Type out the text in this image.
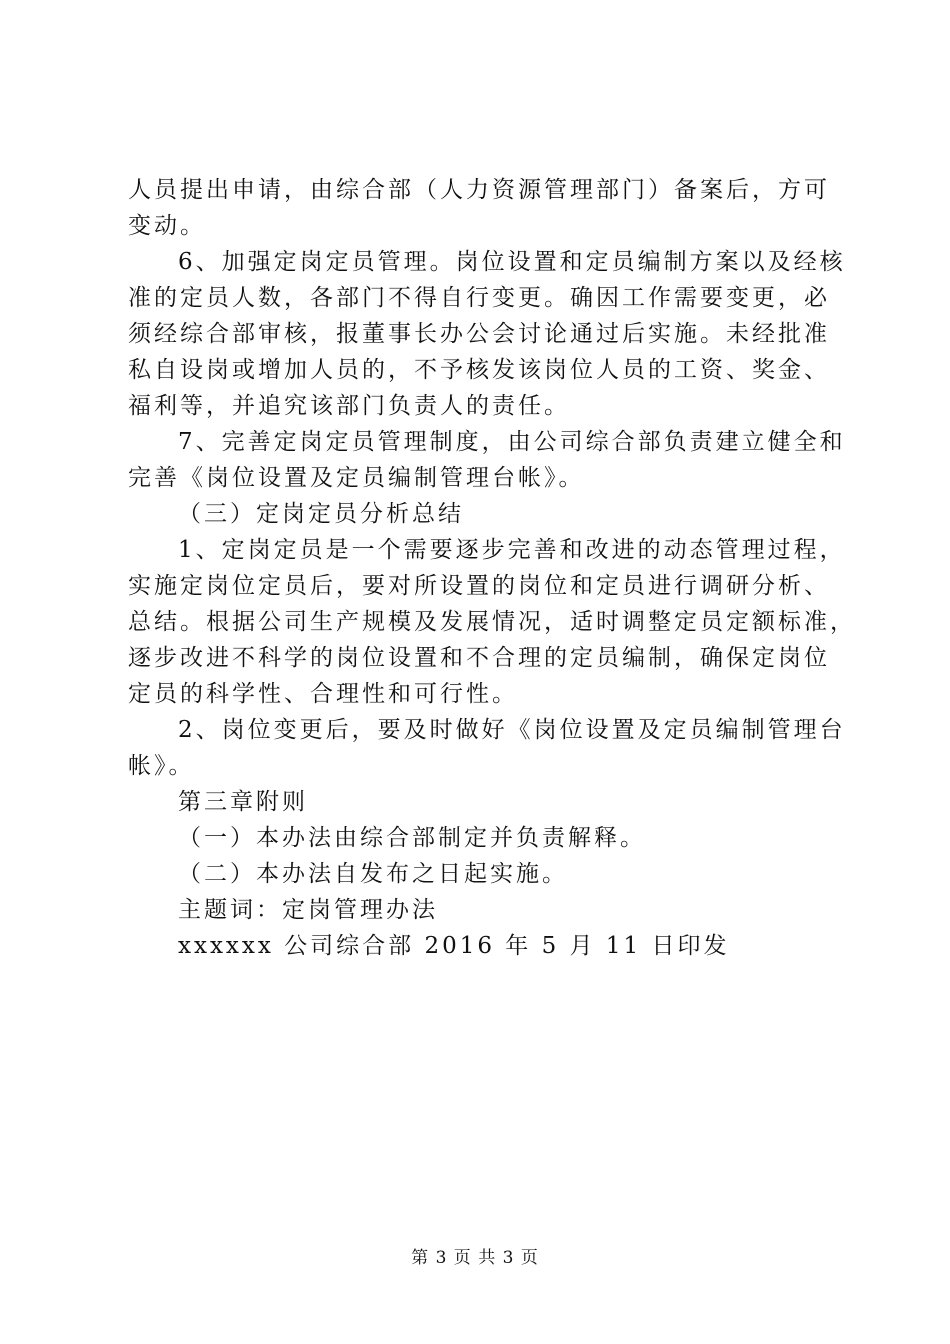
人员提出申请，由综合部（人力资源管理部门）备案后，方可
变动。
6、加强定岗定员管理。岗位设置和定员编制方案以及经核
准的定员人数，各部门不得自行变更。确因工作需要变更，必
须经综合部审核，报董事长办公会讨论通过后实施。未经批准
私自设岗或增加人员的，不予核发该岗位人员的工资、奖金、
福利等，并追究该部门负责人的责任。
7、完善定岗定员管理制度，由公司综合部负责建立健全和
完善《岗位设置及定员编制管理台帐》。
（三）定岗定员分析总结
1、定岗定员是一个需要逐步完善和改进的动态管理过程，
实施定岗位定员后，要对所设置的岗位和定员进行调研分析、
总结。根据公司生产规模及发展情况，适时调整定员定额标准，
逐步改进不科学的岗位设置和不合理的定员编制，确保定岗位
定员的科学性、合理性和可行性。
2、岗位变更后，要及时做好《岗位设置及定员编制管理台
帐》。
第三章附则
（一）本办法由综合部制定并负责解释。
（二）本办法自发布之日起实施。
主题词：定岗管理办法
xxxxxx 公司综合部 2016 年 5 月 11 日印发
第 3 页 共 3 页
